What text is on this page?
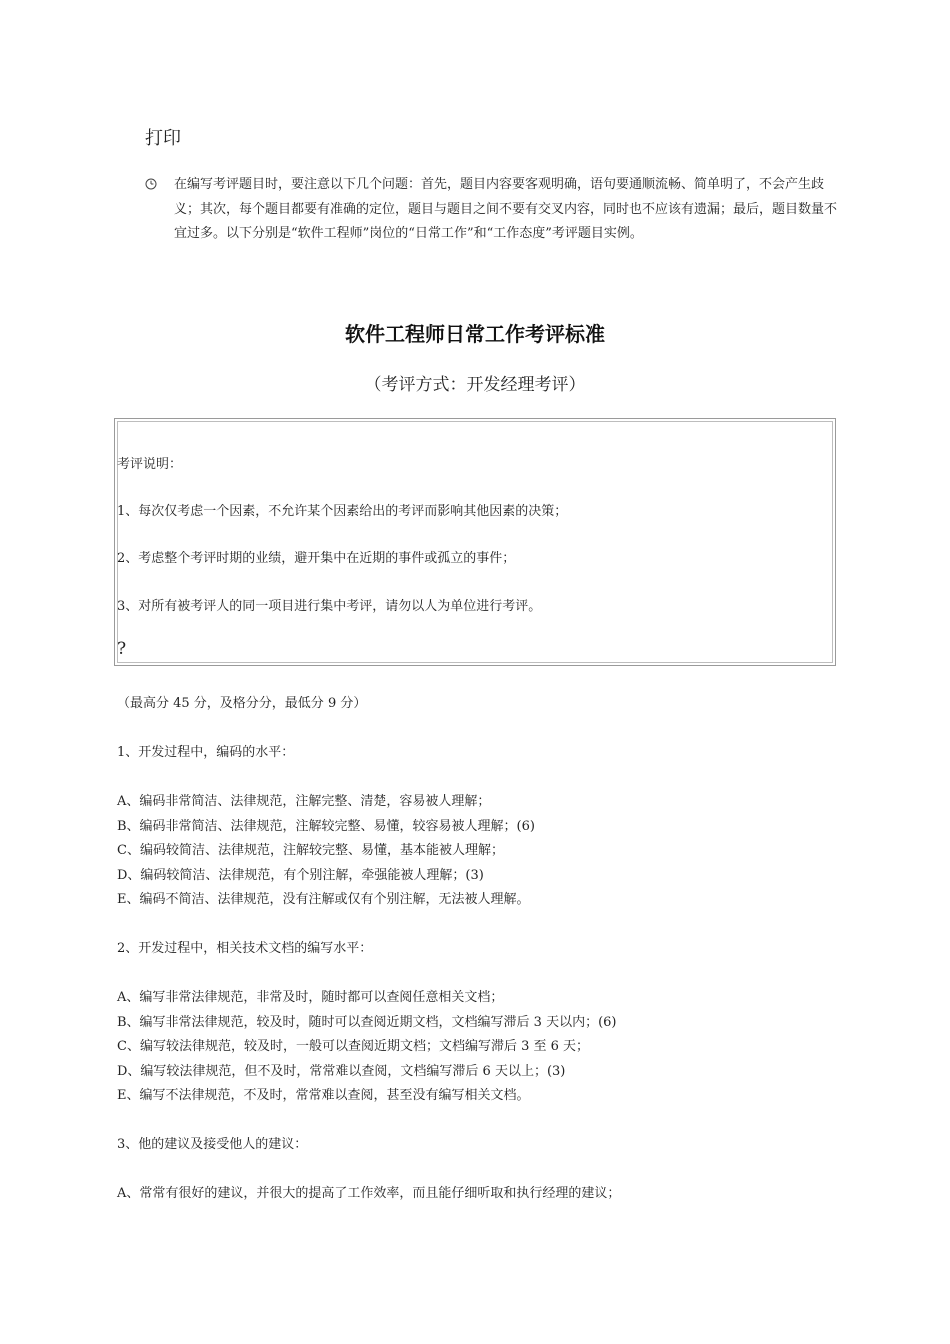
打印
在编写考评题目时，要注意以下几个问题：首先，题目内容要客观明确，语句要通顺流畅、简单明了，不会产生歧义；其次，每个题目都要有准确的定位，题目与题目之间不要有交叉内容，同时也不应该有遗漏；最后，题目数量不宜过多。以下分别是“软件工程师”岗位的“日常工作”和“工作态度”考评题目实例。
软件工程师日常工作考评标准
（考评方式：开发经理考评）
考评说明：
1、每次仅考虑一个因素，不允许某个因素给出的考评而影响其他因素的决策；
2、考虑整个考评时期的业绩，避开集中在近期的事件或孤立的事件；
3、对所有被考评人的同一项目进行集中考评，请勿以人为单位进行考评。
?
（最高分 45 分，及格分分，最低分 9 分）
1、开发过程中，编码的水平：
A、编码非常简洁、法律规范，注解完整、清楚，容易被人理解；
B、编码非常简洁、法律规范，注解较完整、易懂，较容易被人理解；(6)
C、编码较简洁、法律规范，注解较完整、易懂，基本能被人理解；
D、编码较简洁、法律规范，有个别注解，牵强能被人理解；(3)
E、编码不简洁、法律规范，没有注解或仅有个别注解，无法被人理解。
2、开发过程中，相关技术文档的编写水平：
A、编写非常法律规范，非常及时，随时都可以查阅任意相关文档；
B、编写非常法律规范，较及时，随时可以查阅近期文档，文档编写滞后 3 天以内；(6)
C、编写较法律规范，较及时，一般可以查阅近期文档；文档编写滞后 3 至 6 天；
D、编写较法律规范，但不及时，常常难以查阅，文档编写滞后 6 天以上；(3)
E、编写不法律规范，不及时，常常难以查阅，甚至没有编写相关文档。
3、他的建议及接受他人的建议：
A、常常有很好的建议，并很大的提高了工作效率，而且能仔细听取和执行经理的建议；
